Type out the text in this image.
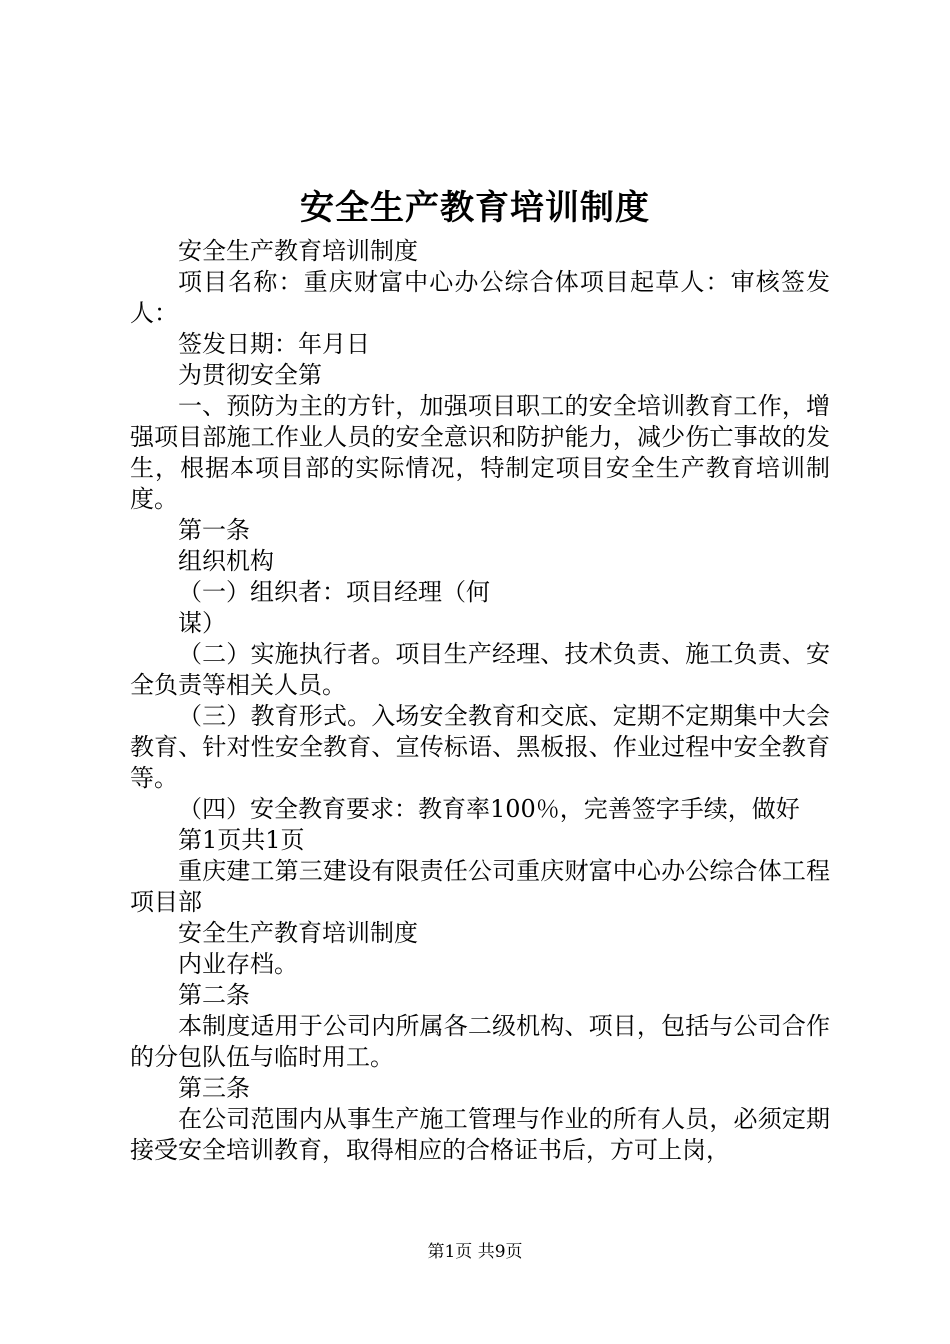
安全生产教育培训制度

安全生产教育培训制度

项目名称：重庆财富中心办公综合体项目起草人：审核签发人：

签发日期：年月日

为贯彻安全第

一、预防为主的方针，加强项目职工的安全培训教育工作，增强项目部施工作业人员的安全意识和防护能力，减少伤亡事故的发生，根据本项目部的实际情况，特制定项目安全生产教育培训制度。

第一条

组织机构

（一）组织者：项目经理（何

谋）

（二）实施执行者。项目生产经理、技术负责、施工负责、安全负责等相关人员。

（三）教育形式。入场安全教育和交底、定期不定期集中大会教育、针对性安全教育、宣传标语、黑板报、作业过程中安全教育等。

（四）安全教育要求：教育率100％，完善签字手续，做好

第1页共1页

重庆建工第三建设有限责任公司重庆财富中心办公综合体工程项目部

安全生产教育培训制度

内业存档。

第二条

本制度适用于公司内所属各二级机构、项目，包括与公司合作的分包队伍与临时用工。

第三条

在公司范围内从事生产施工管理与作业的所有人员，必须定期接受安全培训教育，取得相应的合格证书后，方可上岗，

第1页 共9页
